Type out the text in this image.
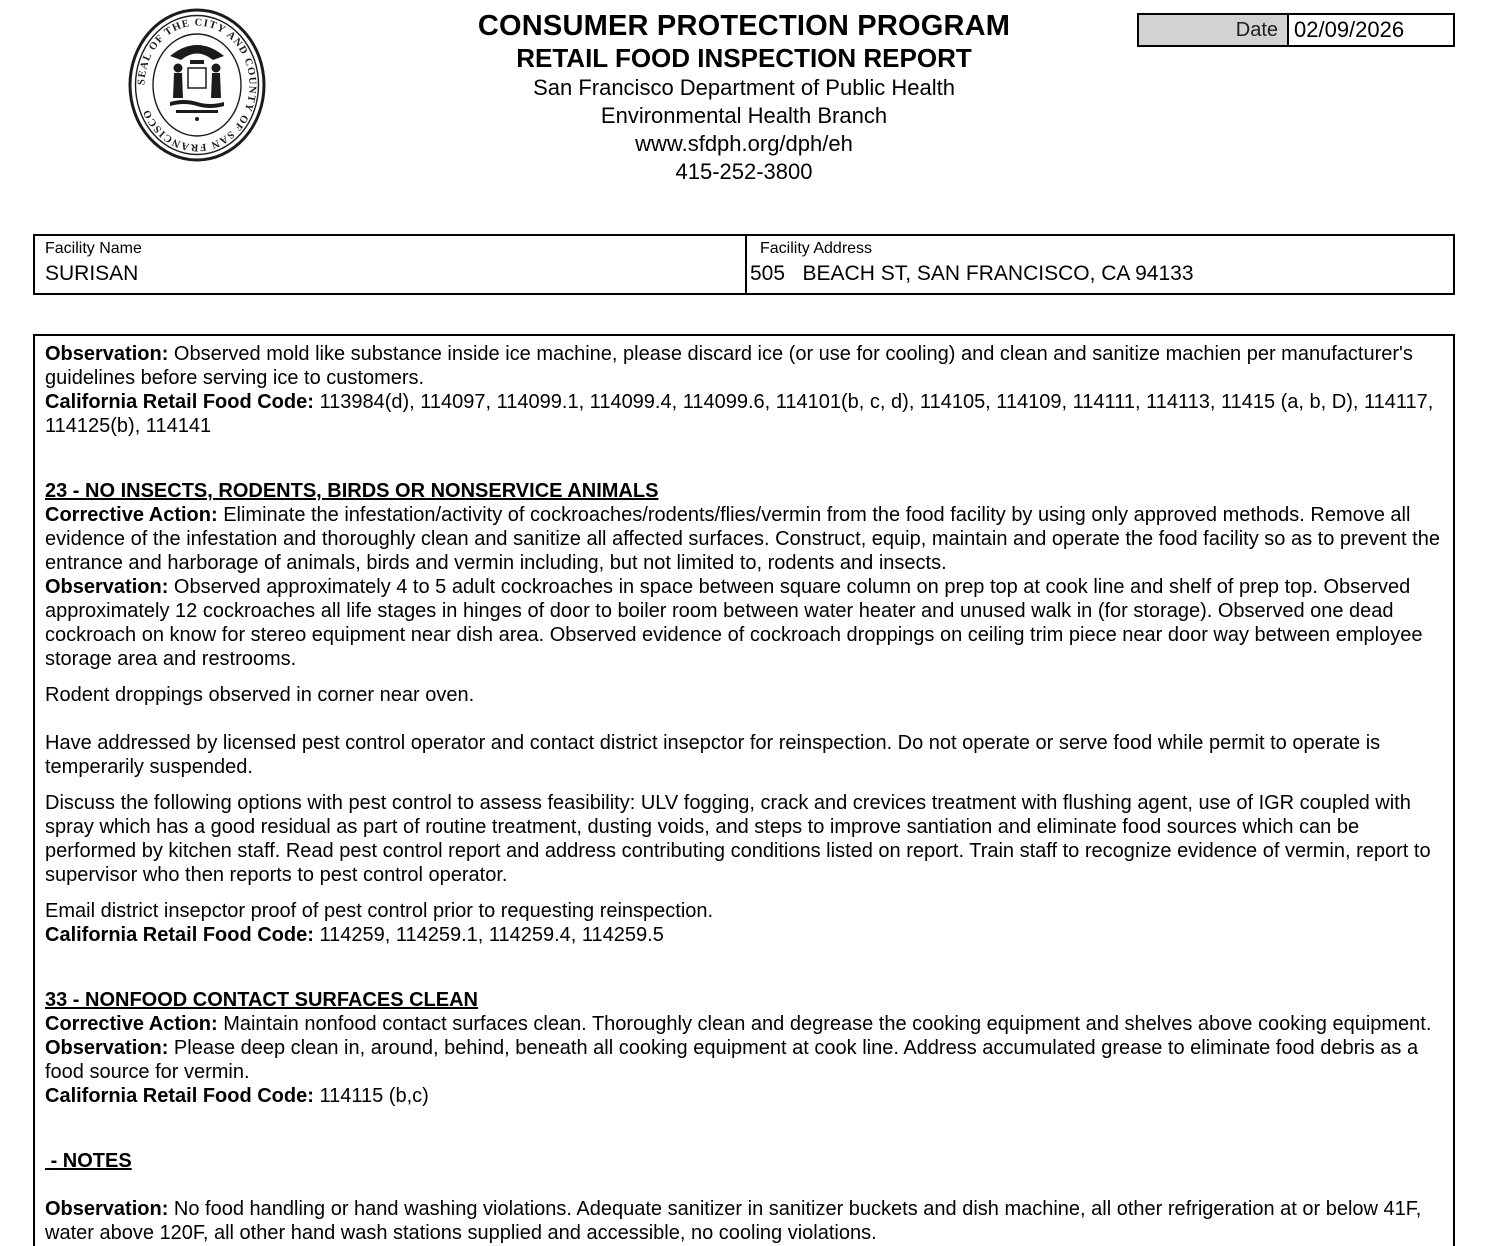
SEAL OF THE CITY AND COUNTY OF SAN FRANCISCO
CONSUMER PROTECTION PROGRAM
RETAIL FOOD INSPECTION REPORT
San Francisco Department of Public Health
Environmental Health Branch
www.sfdph.org/dph/eh
415-252-3800
Date 02/09/2026
Facility Name
SURISAN
Facility Address
505   BEACH ST, SAN FRANCISCO, CA 94133

Observation: Observed mold like substance inside ice machine, please discard ice (or use for cooling) and clean and sanitize machien per manufacturer's guidelines before serving ice to customers.

California Retail Food Code: 113984(d), 114097, 114099.1, 114099.4, 114099.6, 114101(b, c, d), 114105, 114109, 114111, 114113, 11415 (a, b, D), 114117, 114125(b), 114141

23 - NO INSECTS, RODENTS, BIRDS OR NONSERVICE ANIMALS

Corrective Action: Eliminate the infestation/activity of cockroaches/rodents/flies/vermin from the food facility by using only approved methods. Remove all evidence of the infestation and thoroughly clean and sanitize all affected surfaces. Construct, equip, maintain and operate the food facility so as to prevent the entrance and harborage of animals, birds and vermin including, but not limited to, rodents and insects.

Observation: Observed approximately 4 to 5 adult cockroaches in space between square column on prep top at cook line and shelf of prep top. Observed approximately 12 cockroaches all life stages in hinges of door to boiler room between water heater and unused walk in (for storage). Observed one dead cockroach on know for stereo equipment near dish area. Observed evidence of cockroach droppings on ceiling trim piece near door way between employee storage area and restrooms.

Rodent droppings observed in corner near oven.

Have addressed by licensed pest control operator and contact district insepctor for reinspection. Do not operate or serve food while permit to operate is temperarily suspended.

Discuss the following options with pest control to assess feasibility: ULV fogging, crack and crevices treatment with flushing agent, use of IGR coupled with spray which has a good residual as part of routine treatment, dusting voids, and steps to improve santiation and eliminate food sources which can be performed by kitchen staff. Read pest control report and address contributing conditions listed on report. Train staff to recognize evidence of vermin, report to supervisor who then reports to pest control operator.

Email district insepctor proof of pest control prior to requesting reinspection.

California Retail Food Code: 114259, 114259.1, 114259.4, 114259.5

33 - NONFOOD CONTACT SURFACES CLEAN

Corrective Action: Maintain nonfood contact surfaces clean. Thoroughly clean and degrease the cooking equipment and shelves above cooking equipment.

Observation: Please deep clean in, around, behind, beneath all cooking equipment at cook line. Address accumulated grease to eliminate food debris as a food source for vermin.

California Retail Food Code: 114115 (b,c)

- NOTES

Observation: No food handling or hand washing violations. Adequate sanitizer in sanitizer buckets and dish machine, all other refrigeration at or below 41F, water above 120F, all other hand wash stations supplied and accessible, no cooling violations.
